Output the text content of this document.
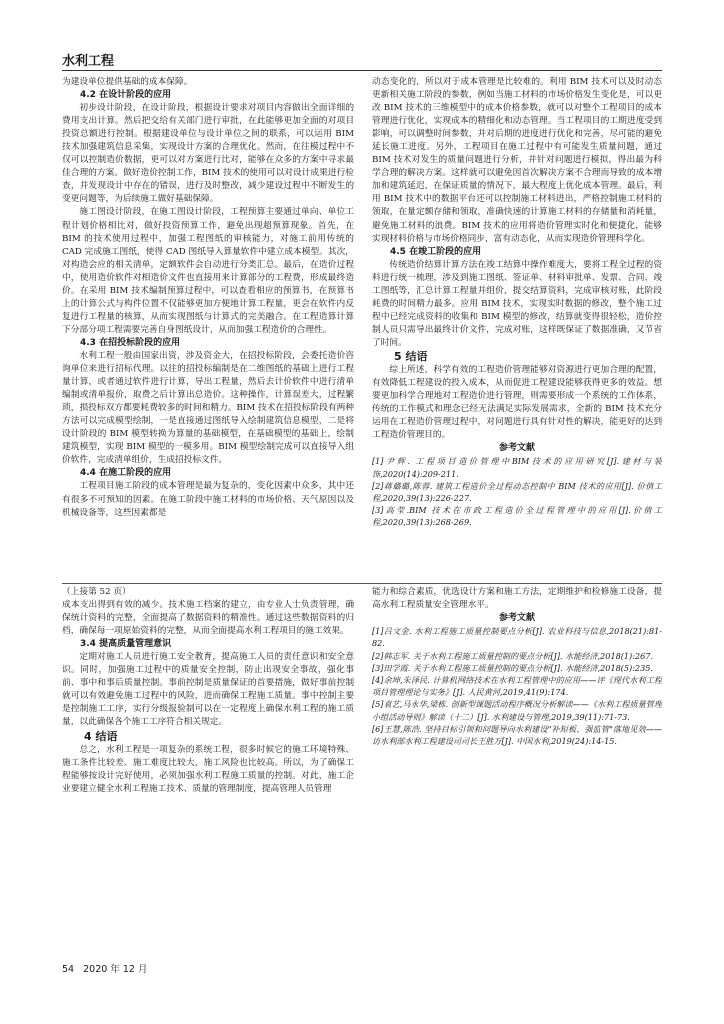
水利工程

为建设单位提供基础的成本保障。

4.2 在设计阶段的应用

初步设计阶段，在设计阶段，根据设计要求对项目内容做出全面详细的费用支出计算。然后把交给有关部门进行审批，在此能够更加全面的对项目投资总额进行控制。根据建设单位与设计单位之间的联系，可以运用 BIM 技术加强建筑信息采集，实现设计方案的合理优化。然而，在往模过程中不仅可以控制造价数据，更可以对方案进行比对，能够在众多的方案中寻求最佳合理的方案。做好造价控制工作，BIM 技术的使用可以对设计成果进行检查，并发现设计中存在的错误，进行及时整改，减少建设过程中不断发生的变更问题等，为后续施工做好基础保障。

施工图设计阶段，在施工图设计阶段，工程预算主要通过单向、单位工程计划价格相比对，做好投资预算工作，避免出现超预算现象。首先，在 BIM 的技术使用过程中，加强工程图纸的审核能力，对施工前用传统的 CAD 完成施工图纸，使得 CAD 图纸导入算量软件中建立成本模型。其次，对构造会应的相关清单，定额软件会自动进行分类汇总。最后，在造价过程中，使用造价软件对相造价文件也直接用来计算部分的工程费，形成最终造价。在采用 BIM 技术编制预算过程中，可以查看相应的预算书，在预算书上的计算公式与构件位置不仅能够更加方便地计算工程量，更会在软件内反复进行工程量的核算，从而实现图纸与计算式的完美融合。在工程造算计算下分部分项工程需要完善自身图纸设计，从而加强工程造价的合理性。

4.3 在招投标阶段的应用

水利工程一般由国家出资，涉及资金大，在招投标阶段，会委托造价咨询单位来进行招标代理。以往的招投标编制是在二维图纸的基础上进行工程量计算，或者通过软件进行计算，导出工程量，然后去计价软件中进行清单编制或清单报价，取费之后计算出总造价。这种操作，计算误差大，过程繁琐，损投标双方都要耗费较多的时间和精力。BIM 技术在招投标阶段有两种方法可以完成模型绘制，一是直接通过图纸导入绘制建筑信息模型，二是将设计阶段的 BIM 模型转换为算量的基础模型，在基础模型的基础上，绘制建筑模型，实现 BIM 模型的一模多用。BIM 模型绘制完成可以直接导入组价软件，完成清单组价，生成招投标文件。

4.4 在施工阶段的应用

工程项目施工阶段的成本管理是最为复杂的，变化因素中众多，其中还有很多不可预知的因素。在施工阶段中施工材料的市场价格、天气原因以及机械设备等，这些因素都是

动态变化的，所以对于成本管理是比较难的。利用 BIM 技术可以及时动态更新相关施工阶段的参数，例如当施工材料的市场价格发生变化是，可以更改 BIM 技术的三维模型中的成本价格参数，就可以对整个工程项目的成本管理进行优化，实现成本的精细化和动态管理。当工程项目的工期进度受到影响，可以调整时间参数，并对后期的进度进行优化和完善，尽可能的避免延长施工进度。另外，工程项目在施工过程中有可能发生质量问题，通过 BIM 技术对发生的质量问题进行分析，并针对问题进行模拟，得出最为科学合理的解决方案。这样就可以避免因首次解决方案不合理而导致的成本增加和建筑延迟，在保证质量的情况下，最大程度上优化成本管理。最后，利用 BIM 技术中的数据平台还可以控制施工材料进出，严格控制施工材料的领取，在量定额存储和领取，准确快速的计算施工材料的存储量和消耗量，避免施工材料的浪费。BIM 技术的应用将造价管理实时化和便捷化，能够实现材料价格与市场价格同步，富有动态化，从而实现造价管理科学化。

4.5 在竣工阶段的应用

传统造价结算计算方法在竣工结算中操作难度大，要将工程全过程的资料进行统一梳理，涉及到施工图纸、签证单、材料审批单、发票、合同、竣工图纸等，汇总计算工程量并组价，提交结算资料，完成审核对账，此阶段耗费的时间精力最多。应用 BIM 技术，实现实时数据的修改，整个施工过程中已经完成资料的收集和 BIM 模型的修改，结算就变得很轻松，造价控制人员只需导出最终计价文件，完成对账，这样既保证了数据准确，又节省了时间。

5 结语

综上所述，科学有效的工程造价管理能够对资源进行更加合理的配置，有效降低工程建设的投入成本，从而促进工程建设能够获得更多的效益。想要更加科学合理地对工程造价进行管理，则需要形成一个系统的工作体系，传统的工作模式和理念已经无法满足实际发展需求，全新的 BIM 技术充分运用在工程造价管理过程中，对问题进行具有针对性的解决，能更好的达到工程造价管理目的。

参考文献

[1]尹辉. 工程项目造价管理中BIM技术的应用研究[J].建材与装饰,2020(14):209-211.

[2]蒋璐璐,陈蓉. 建筑工程造价全过程动态控制中 BIM 技术的应用[J]. 价值工程,2020,39(13):226-227.

[3]高莹.BIM 技术在市政工程造价全过程管理中的应用[J].价值工程,2020,39(13):268-269.

（上接第 52 页）

成本支出得到有效的减少。技术施工档案的建立，由专业人士负责管理，确保统计资料的完整，全面提高了数据资料的精准性。通过这些数据资料的归档，确保每一项原始资料的完整，从而全面提高水利工程项目的施工效果。

3.4 提高质量管理意识

定期对施工人员进行施工安全教育，提高施工人员的责任意识和安全意识。同时，加强施工过程中的质量安全控制，防止出现安全事故，强化事前、事中和事后质量控制。事前控制是质量保证的首要措施，做好事前控制就可以有效避免施工过程中的风险，进而确保工程施工质量。事中控制主要是控制施工工序，实行分级报验制可以在一定程度上确保水利工程的施工质量，以此确保各个施工工序符合相关规定。

4 结语

总之，水利工程是一项复杂的系统工程，很多时候它的施工环境特殊、施工条件比较差、施工难度比较大，施工风险也比较高。所以，为了确保工程能够按设计完好使用，必须加强水利工程施工质量的控制。对此，施工企业要建立健全水利工程施工技术、质量的管理制度，提高管理人员管理

能力和综合素质，优选设计方案和施工方法，定期维护和检修施工设备，提高水利工程质量安全管理水平。

参考文献

[1]吕文金. 水利工程施工质量控制要点分析[J]. 农业科技与信息,2018(21):81-82.

[2]韩志军. 关于水利工程施工质量控制的要点分析[J]. 水能经济,2018(1):267.

[3]田学霞. 关于水利工程施工质量控制的要点分析[J]. 水能经济,2018(5):235.

[4]余坤,朱泽民. 计算机网络技术在水利工程管理中的应用——评《现代水利工程项目管理理论与实务》[J]. 人民黄河,2019,41(9):174.

[5]袁艺,马永华,梁栋. 创新型课题活动程序概况分析解读——《水利工程质量管理小组活动导则》解读（十二）[J]. 水利建设与管理,2019,39(11):71-73.

[6]王慧,陈浩. 坚持目标引领和问题导向水利建设"补短板、强监管"落地见效——访水利部水利工程建设司司长王胜万[J]. 中国水利,2019(24):14-15.

54 2020 年 12 月
